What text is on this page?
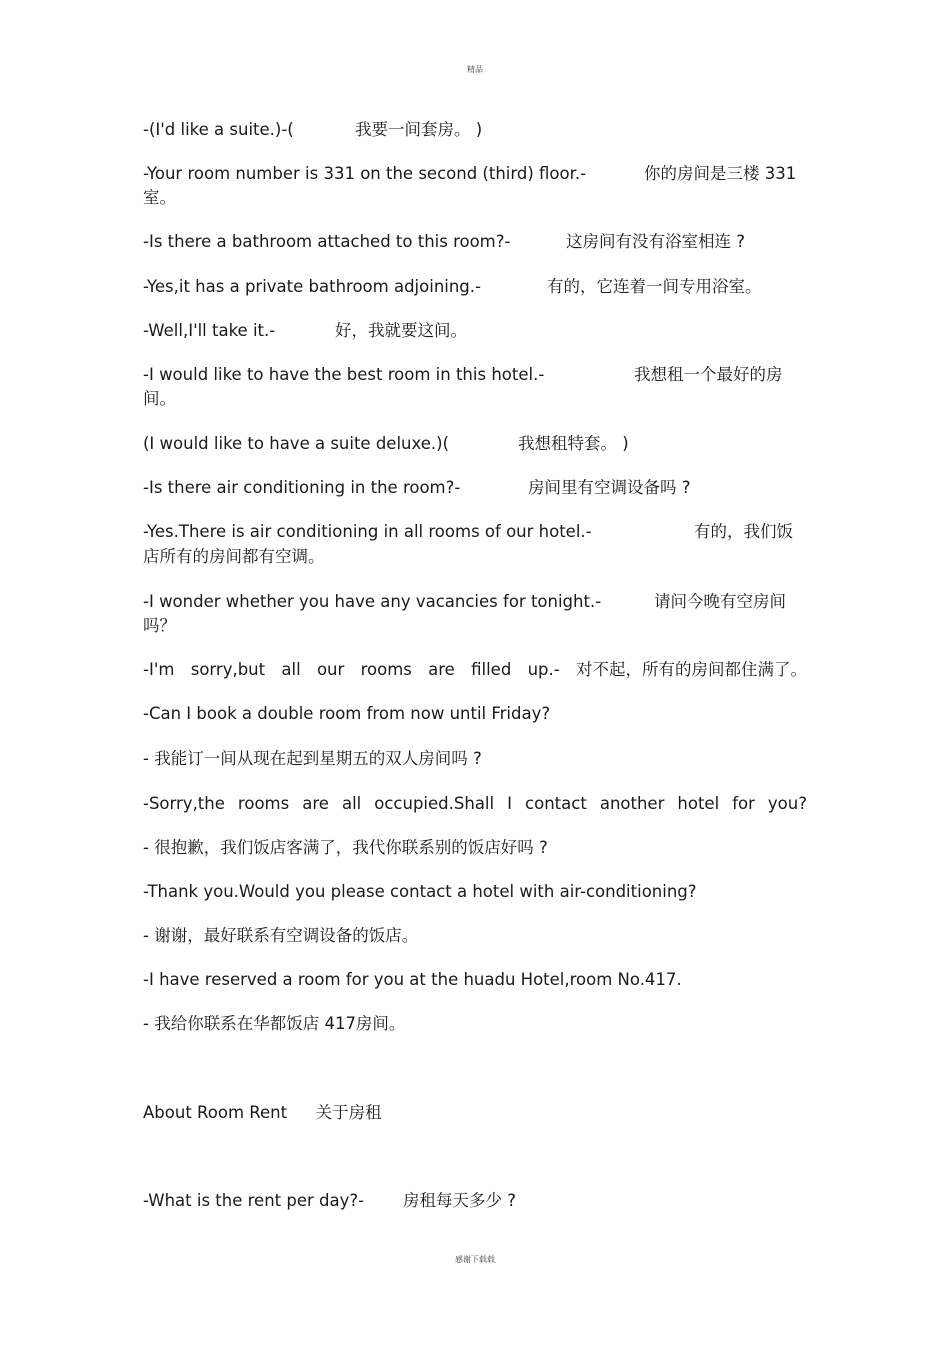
精品
-(I'd like a suite.)-(	我要一间套房。 )
-Your room number is 331 on the second (third) floor.-	你的房间是三楼 331
室。
-Is there a bathroom attached to this room?-	这房间有没有浴室相连 ?
-Yes,it has a private bathroom adjoining.-	有的，它连着一间专用浴室。
-Well,I'll take it.-	好，我就要这间。
-I would like to have the best room in this hotel.-	我想租一个最好的房
间。
(I would like to have a suite deluxe.)(	我想租特套。 )
-Is there air conditioning in the room?-	房间里有空调设备吗 ?
-Yes.There is air conditioning in all rooms of our hotel.-	有的，我们饭
店所有的房间都有空调。
-I wonder whether you have any vacancies for tonight.-	请问今晚有空房间
吗？
-I'm sorry,but all our rooms are filled up.- 对不起，所有的房间都住满了。
-Can I book a double room from now until Friday?
- 我能订一间从现在起到星期五的双人房间吗 ?
-Sorry,the rooms are all occupied.Shall I contact another hotel for you?
- 很抱歉，我们饭店客满了，我代你联系别的饭店好吗 ?
-Thank you.Would you please contact a hotel with air-conditioning?
- 谢谢，最好联系有空调设备的饭店。
-I have reserved a room for you at the huadu Hotel,room No.417.
- 我给你联系在华都饭店 417房间。
About Room Rent 关于房租
-What is the rent per day?- 房租每天多少 ?
感谢下载载
